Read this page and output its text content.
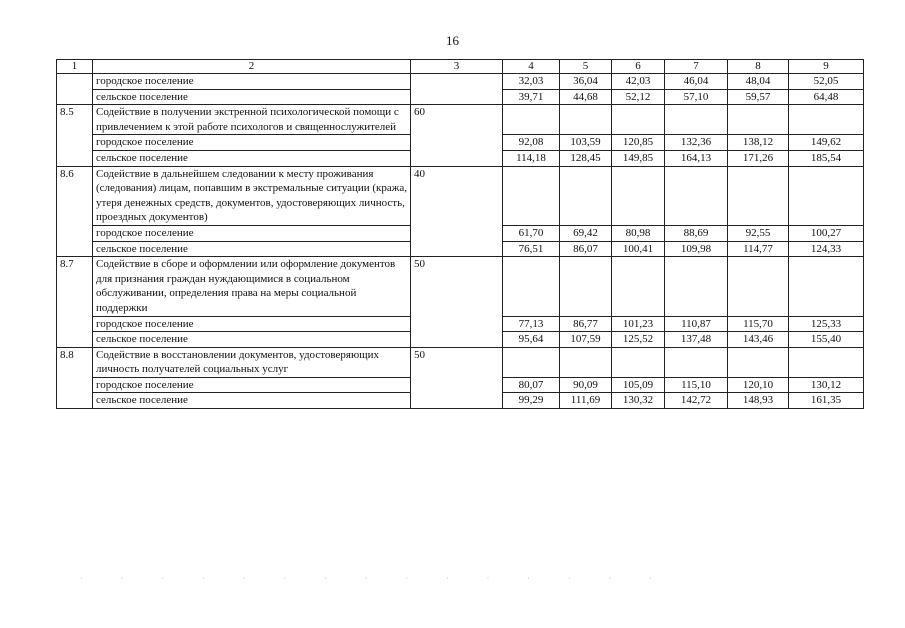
16
1	2	3	4	5	6	7	8	9
	городское поселение		32,03	36,04	42,03	46,04	48,04	52,05
	сельское поселение		39,71	44,68	52,12	57,10	59,57	64,48
8.5	Содействие в получении экстренной психологической помощи с привлечением к этой работе психологов и священнослужителей	60						
	городское поселение		92,08	103,59	120,85	132,36	138,12	149,62
	сельское поселение		114,18	128,45	149,85	164,13	171,26	185,54
8.6	Содействие в дальнейшем следовании к месту проживания (следования) лицам, попавшим в экстремальные ситуации (кража, утеря денежных средств, документов, удостоверяющих личность, проездных документов)	40						
	городское поселение		61,70	69,42	80,98	88,69	92,55	100,27
	сельское поселение		76,51	86,07	100,41	109,98	114,77	124,33
8.7	Содействие в сборе и оформлении или оформление документов для признания граждан нуждающимися в социальном обслуживании, определения права на меры социальной поддержки	50						
	городское поселение		77,13	86,77	101,23	110,87	115,70	125,33
	сельское поселение		95,64	107,59	125,52	137,48	143,46	155,40
8.8	Содействие в восстановлении документов, удостоверяющих личность получателей социальных услуг	50						
	городское поселение		80,07	90,09	105,09	115,10	120,10	130,12
	сельское поселение		99,29	111,69	130,32	142,72	148,93	161,35
· · · · · · · · · · · · · · ·
